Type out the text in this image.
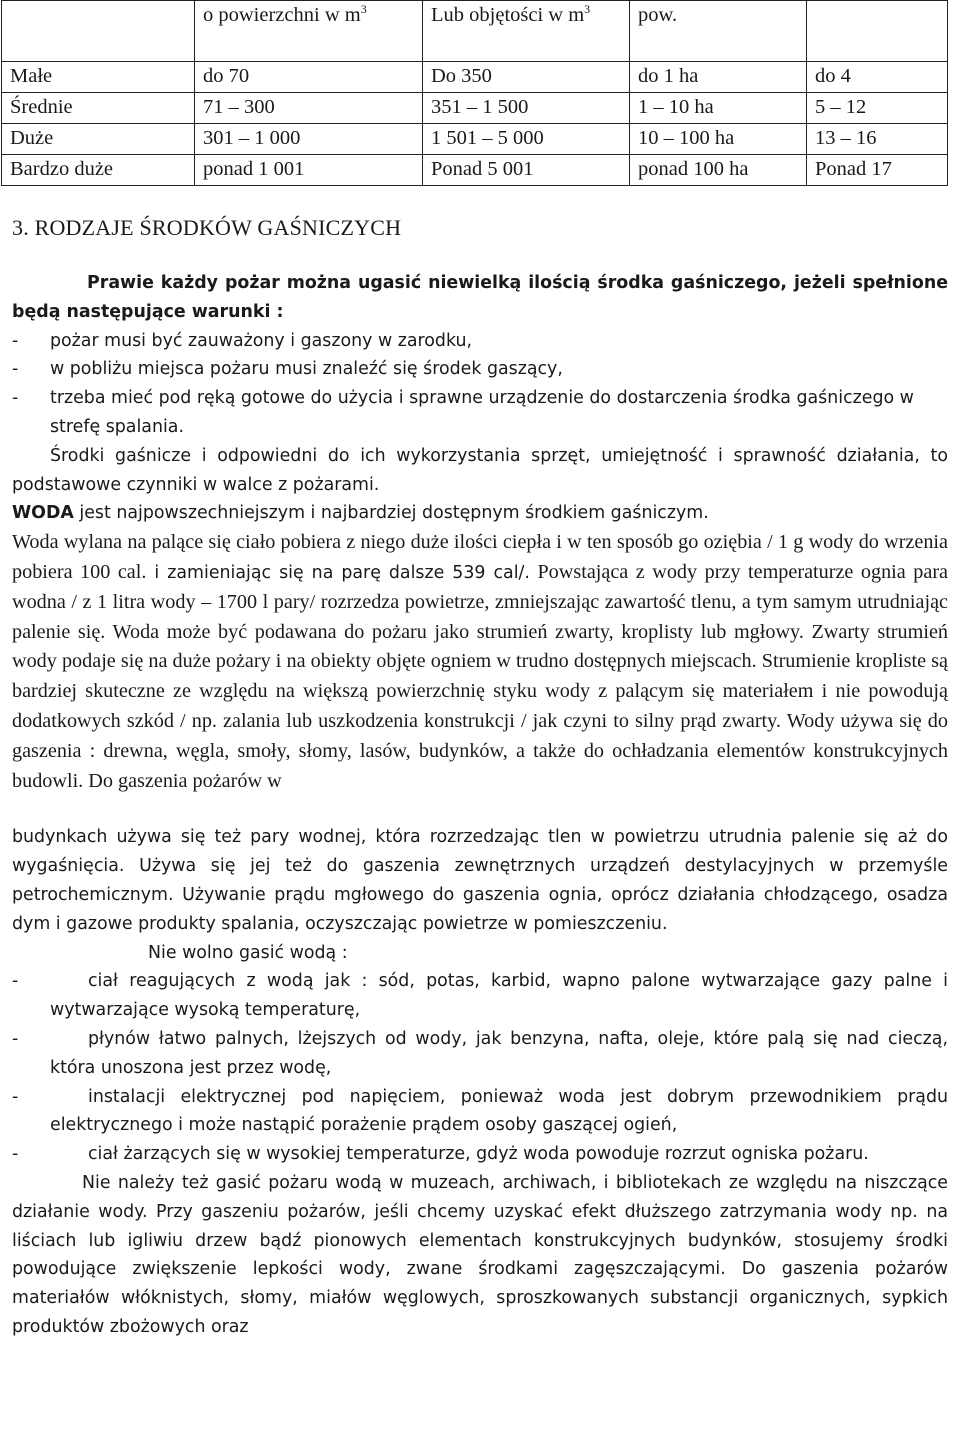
	o powierzchni w $m^3$	Lub objętości w $m^3$	pow.	
Małe	do 70	Do 350	do 1 ha	do 4
Średnie	71 – 300	351 – 1 500	1 – 10 ha	5 – 12
Duże	301 – 1 000	1 501 – 5 000	10 – 100 ha	13 – 16
Bardzo duże	ponad 1 001	Ponad 5 001	ponad 100 ha	Ponad 17
3. RODZAJE ŚRODKÓW GAŚNICZYCH

Prawie każdy pożar można ugasić niewielką ilością środka gaśniczego, jeżeli spełnione będą następujące warunki :

- pożar musi być zauważony i gaszony w zarodku,
- w pobliżu miejsca pożaru musi znaleźć się środek gaszący,
- trzeba mieć pod ręką gotowe do użycia i sprawne urządzenie do dostarczenia środka gaśniczego w strefę spalania.

Środki gaśnicze i odpowiedni do ich wykorzystania sprzęt, umiejętność i sprawność działania, to podstawowe czynniki w walce z pożarami.

WODA jest najpowszechniejszym i najbardziej dostępnym środkiem gaśniczym.

Woda wylana na palące się ciało pobiera z niego duże ilości ciepła i w ten sposób go oziębia / 1 g wody do wrzenia pobiera 100 cal. i zamieniając się na parę dalsze 539 cal/. Powstająca z wody przy temperaturze ognia para wodna / z 1 litra wody – 1700 l pary/ rozrzedza powietrze, zmniejszając zawartość tlenu, a tym samym utrudniając palenie się. Woda może być podawana do pożaru jako strumień zwarty, kroplisty lub mgłowy. Zwarty strumień wody podaje się na duże pożary i na obiekty objęte ogniem w trudno dostępnych miejscach. Strumienie kropliste są bardziej skuteczne ze względu na większą powierzchnię styku wody z palącym się materiałem i nie powodują dodatkowych szkód / np. zalania lub uszkodzenia konstrukcji / jak czyni to silny prąd zwarty. Wody używa się do gaszenia : drewna, węgla, smoły, słomy, lasów, budynków, a także do ochładzania elementów konstrukcyjnych budowli. Do gaszenia pożarów w

budynkach używa się też pary wodnej, która rozrzedzając tlen w powietrzu utrudnia palenie się aż do wygaśnięcia. Używa się jej też do gaszenia zewnętrznych urządzeń destylacyjnych w przemyśle petrochemicznym. Używanie prądu mgłowego do gaszenia ognia, oprócz działania chłodzącego, osadza dym i gazowe produkty spalania, oczyszczając powietrze w pomieszczeniu.

Nie wolno gasić wodą :

-	ciał reagujących z wodą jak : sód, potas, karbid, wapno palone wytwarzające gazy palne i wytwarzające wysoką temperaturę,
-	płynów łatwo palnych, lżejszych od wody, jak benzyna, nafta, oleje, które palą się nad cieczą, która unoszona jest przez wodę,
-	instalacji elektrycznej pod napięciem, ponieważ woda jest dobrym przewodnikiem prądu elektrycznego i może nastąpić porażenie prądem osoby gaszącej ogień,
-	ciał żarzących się w wysokiej temperaturze, gdyż woda powoduje rozrzut ogniska pożaru.

Nie należy też gasić pożaru wodą w muzeach, archiwach, i bibliotekach ze względu na niszczące działanie wody. Przy gaszeniu pożarów, jeśli chcemy uzyskać efekt dłuższego zatrzymania wody np. na liściach lub igliwiu drzew bądź pionowych elementach konstrukcyjnych budynków, stosujemy środki powodujące zwiększenie lepkości wody, zwane środkami zagęszczającymi. Do gaszenia pożarów materiałów włóknistych, słomy, miałów węglowych, sproszkowanych substancji organicznych, sypkich produktów zbożowych oraz
